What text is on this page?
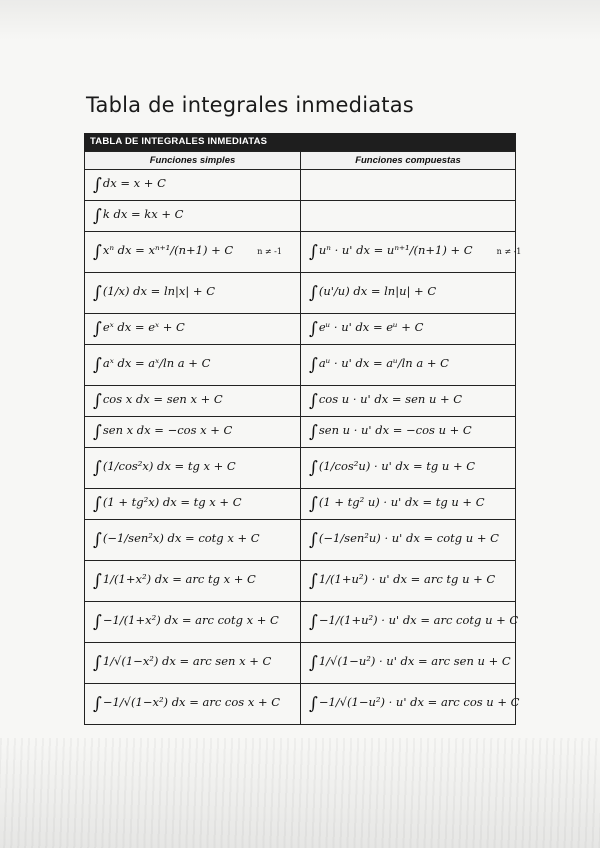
Tabla de integrales inmediatas
TABLA DE INTEGRALES INMEDIATAS
Funciones simples	Funciones compuestas
∫dx = x + C	
∫k dx = kx + C	
∫xⁿ dx = xⁿ⁺¹/(n+1) + C n ≠ -1	∫uⁿ · u' dx = uⁿ⁺¹/(n+1) + C n ≠ -1
∫(1/x) dx = ln|x| + C	∫(u'/u) dx = ln|u| + C
∫eˣ dx = eˣ + C	∫eᵘ · u' dx = eᵘ + C
∫aˣ dx = aˣ/ln a + C	∫aᵘ · u' dx = aᵘ/ln a + C
∫cos x dx = sen x + C	∫cos u · u' dx = sen u + C
∫sen x dx = −cos x + C	∫sen u · u' dx = −cos u + C
∫(1/cos²x) dx = tg x + C	∫(1/cos²u) · u' dx = tg u + C
∫(1 + tg²x) dx = tg x + C	∫(1 + tg² u) · u' dx = tg u + C
∫(−1/sen²x) dx = cotg x + C	∫(−1/sen²u) · u' dx = cotg u + C
∫1/(1+x²) dx = arc tg x + C	∫1/(1+u²) · u' dx = arc tg u + C
∫−1/(1+x²) dx = arc cotg x + C	∫−1/(1+u²) · u' dx = arc cotg u + C
∫1/√(1−x²) dx = arc sen x + C	∫1/√(1−u²) · u' dx = arc sen u + C
∫−1/√(1−x²) dx = arc cos x + C	∫−1/√(1−u²) · u' dx = arc cos u + C
